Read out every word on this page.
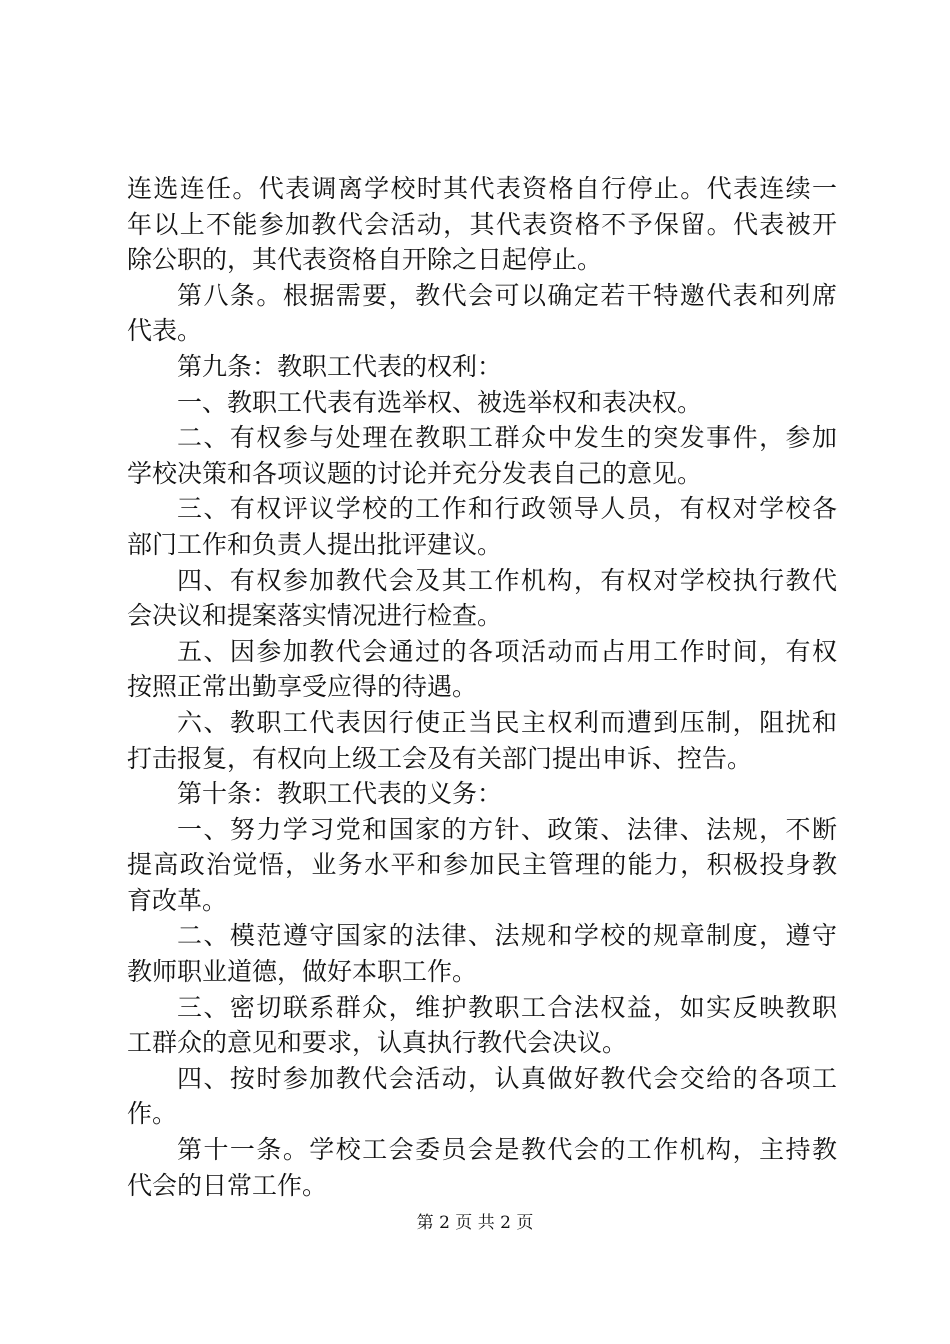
连选连任。代表调离学校时其代表资格自行停止。代表连续一
年以上不能参加教代会活动，其代表资格不予保留。代表被开
除公职的，其代表资格自开除之日起停止。
第八条。根据需要，教代会可以确定若干特邀代表和列席
代表。
第九条：教职工代表的权利：
一、教职工代表有选举权、被选举权和表决权。
二、有权参与处理在教职工群众中发生的突发事件，参加
学校决策和各项议题的讨论并充分发表自己的意见。
三、有权评议学校的工作和行政领导人员，有权对学校各
部门工作和负责人提出批评建议。
四、有权参加教代会及其工作机构，有权对学校执行教代
会决议和提案落实情况进行检查。
五、因参加教代会通过的各项活动而占用工作时间，有权
按照正常出勤享受应得的待遇。
六、教职工代表因行使正当民主权利而遭到压制，阻扰和
打击报复，有权向上级工会及有关部门提出申诉、控告。
第十条：教职工代表的义务：
一、努力学习党和国家的方针、政策、法律、法规，不断
提高政治觉悟，业务水平和参加民主管理的能力，积极投身教
育改革。
二、模范遵守国家的法律、法规和学校的规章制度，遵守
教师职业道德，做好本职工作。
三、密切联系群众，维护教职工合法权益，如实反映教职
工群众的意见和要求，认真执行教代会决议。
四、按时参加教代会活动，认真做好教代会交给的各项工
作。
第十一条。学校工会委员会是教代会的工作机构，主持教
代会的日常工作。
第 2 页 共 2 页
